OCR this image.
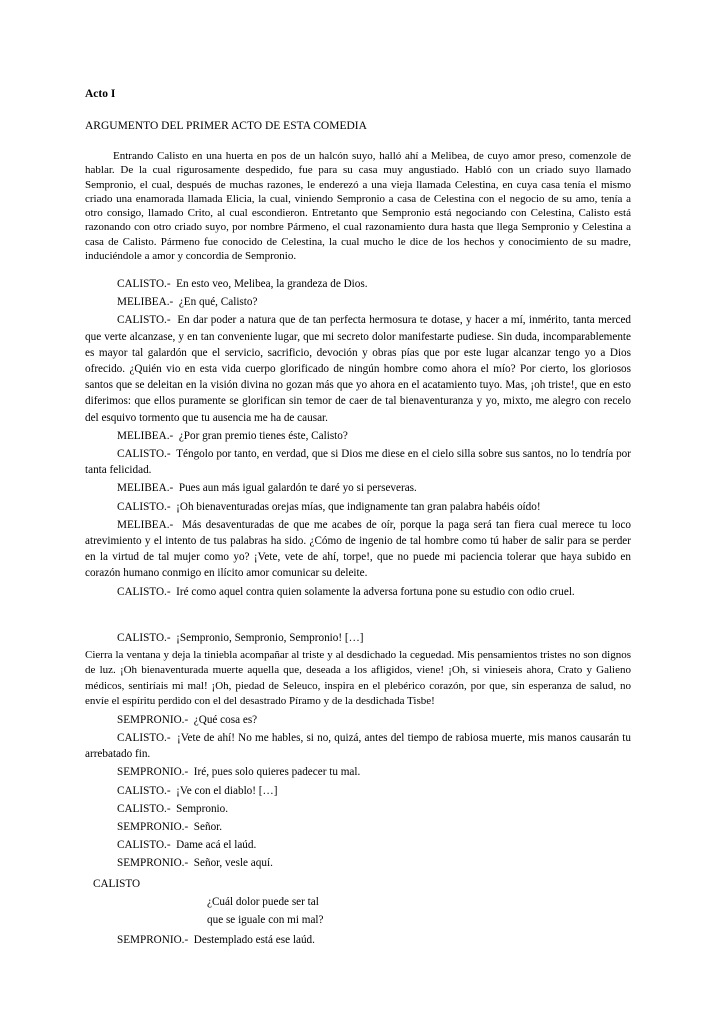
Acto I
ARGUMENTO DEL PRIMER ACTO DE ESTA COMEDIA

Entrando Calisto en una huerta en pos de un halcón suyo, halló ahí a Melibea, de cuyo amor preso, comenzole de hablar. De la cual rigurosamente despedido, fue para su casa muy angustiado. Habló con un criado suyo llamado Sempronio, el cual, después de muchas razones, le enderezó a una vieja llamada Celestina, en cuya casa tenía el mismo criado una enamorada llamada Elicia, la cual, viniendo Sempronio a casa de Celestina con el negocio de su amo, tenía a otro consigo, llamado Crito, al cual escondieron. Entretanto que Sempronio está negociando con Celestina, Calisto está razonando con otro criado suyo, por nombre Pármeno, el cual razonamiento dura hasta que llega Sempronio y Celestina a casa de Calisto. Pármeno fue conocido de Celestina, la cual mucho le dice de los hechos y conocimiento de su madre, induciéndole a amor y concordia de Sempronio.

CALISTO.- En esto veo, Melibea, la grandeza de Dios.

MELIBEA.- ¿En qué, Calisto?

CALISTO.- En dar poder a natura que de tan perfecta hermosura te dotase, y hacer a mí, inmérito, tanta merced que verte alcanzase, y en tan conveniente lugar, que mi secreto dolor manifestarte pudiese. Sin duda, incomparablemente es mayor tal galardón que el servicio, sacrificio, devoción y obras pías que por este lugar alcanzar tengo yo a Dios ofrecido. ¿Quién vio en esta vida cuerpo glorificado de ningún hombre como ahora el mío? Por cierto, los gloriosos santos que se deleitan en la visión divina no gozan más que yo ahora en el acatamiento tuyo. Mas, ¡oh triste!, que en esto diferimos: que ellos puramente se glorifican sin temor de caer de tal bienaventuranza y yo, mixto, me alegro con recelo del esquivo tormento que tu ausencia me ha de causar.

MELIBEA.- ¿Por gran premio tienes éste, Calisto?

CALISTO.- Téngolo por tanto, en verdad, que si Dios me diese en el cielo silla sobre sus santos, no lo tendría por tanta felicidad.

MELIBEA.- Pues aun más igual galardón te daré yo si perseveras.

CALISTO.- ¡Oh bienaventuradas orejas mías, que indignamente tan gran palabra habéis oído!

MELIBEA.- Más desaventuradas de que me acabes de oír, porque la paga será tan fiera cual merece tu loco atrevimiento y el intento de tus palabras ha sido. ¿Cómo de ingenio de tal hombre como tú haber de salir para se perder en la virtud de tal mujer como yo? ¡Vete, vete de ahí, torpe!, que no puede mi paciencia tolerar que haya subido en corazón humano conmigo en ilícito amor comunicar su deleite.

CALISTO.- Iré como aquel contra quien solamente la adversa fortuna pone su estudio con odio cruel.

CALISTO.- ¡Sempronio, Sempronio, Sempronio! […]

Cierra la ventana y deja la tiniebla acompañar al triste y al desdichado la ceguedad. Mis pensamientos tristes no son dignos de luz. ¡Oh bienaventurada muerte aquella que, deseada a los afligidos, viene! ¡Oh, si vinieseis ahora, Crato y Galieno médicos, sentiríais mi mal! ¡Oh, piedad de Seleuco, inspira en el plebérico corazón, por que, sin esperanza de salud, no envíe el espíritu perdido con el del desastrado Píramo y de la desdichada Tisbe!

SEMPRONIO.- ¿Qué cosa es?

CALISTO.- ¡Vete de ahí! No me hables, si no, quizá, antes del tiempo de rabiosa muerte, mis manos causarán tu arrebatado fin.

SEMPRONIO.- Iré, pues solo quieres padecer tu mal.

CALISTO.- ¡Ve con el diablo! […]

CALISTO.- Sempronio.

SEMPRONIO.- Señor.

CALISTO.- Dame acá el laúd.

SEMPRONIO.- Señor, vesle aquí.

CALISTO
¿Cuál dolor puede ser tal
que se iguale con mi mal?

SEMPRONIO.- Destemplado está ese laúd.
